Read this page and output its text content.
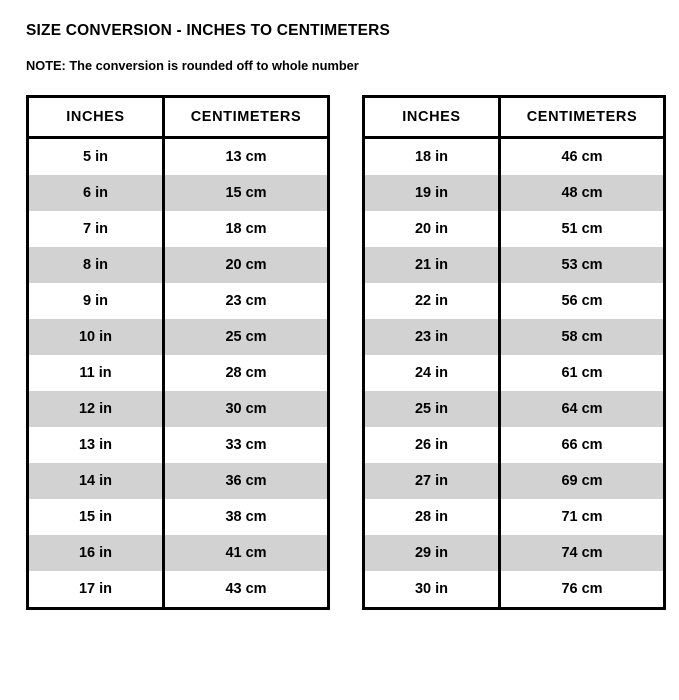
SIZE CONVERSION - INCHES TO CENTIMETERS

NOTE: The conversion is rounded off to whole number

INCHES	CENTIMETERS
5 in	13 cm
6 in	15 cm
7 in	18 cm
8 in	20 cm
9 in	23 cm
10 in	25 cm
11 in	28 cm
12 in	30 cm
13 in	33 cm
14 in	36 cm
15 in	38 cm
16 in	41 cm
17 in	43 cm
INCHES	CENTIMETERS
18 in	46 cm
19 in	48 cm
20 in	51 cm
21 in	53 cm
22 in	56 cm
23 in	58 cm
24 in	61 cm
25 in	64 cm
26 in	66 cm
27 in	69 cm
28 in	71 cm
29 in	74 cm
30 in	76 cm
